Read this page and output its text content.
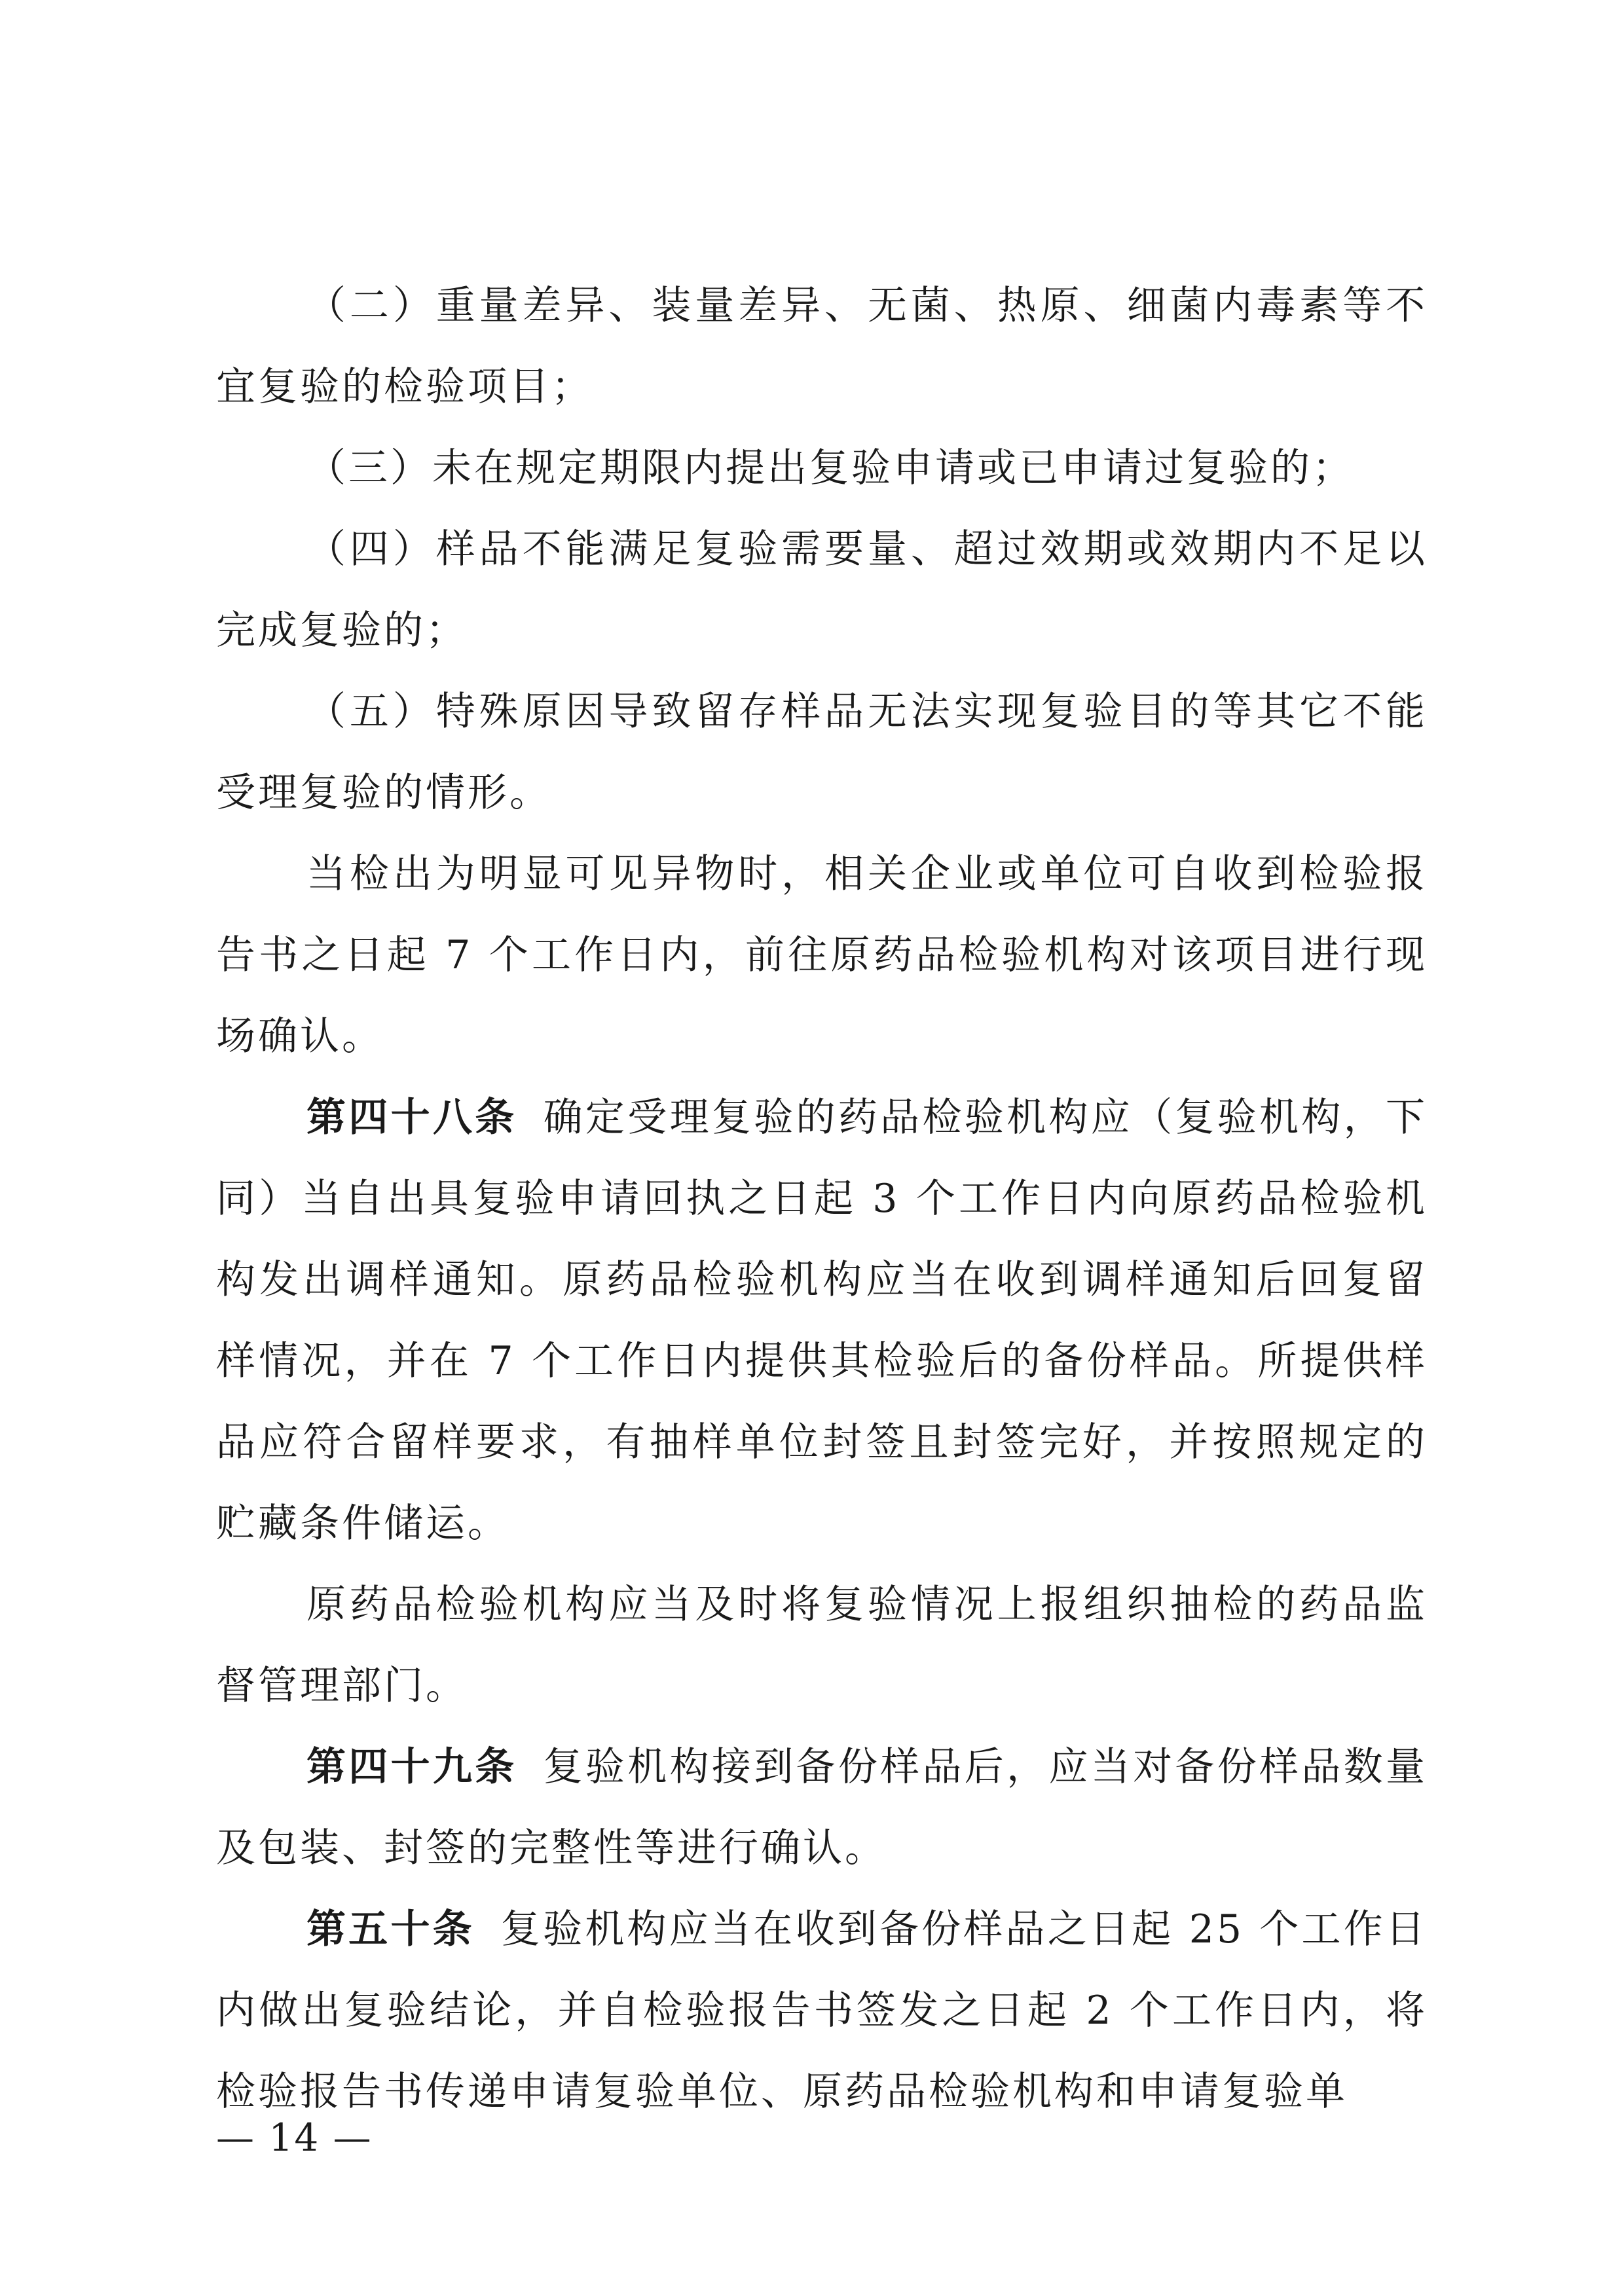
（二）重量差异、装量差异、无菌、热原、细菌内毒素等不宜复验的检验项目；

（三）未在规定期限内提出复验申请或已申请过复验的；

（四）样品不能满足复验需要量、超过效期或效期内不足以完成复验的；

（五）特殊原因导致留存样品无法实现复验目的等其它不能受理复验的情形。

当检出为明显可见异物时，相关企业或单位可自收到检验报告书之日起 7 个工作日内，前往原药品检验机构对该项目进行现场确认。

第四十八条 确定受理复验的药品检验机构应（复验机构，下同）当自出具复验申请回执之日起 3 个工作日内向原药品检验机构发出调样通知。原药品检验机构应当在收到调样通知后回复留样情况，并在 7 个工作日内提供其检验后的备份样品。所提供样品应符合留样要求，有抽样单位封签且封签完好，并按照规定的贮藏条件储运。

原药品检验机构应当及时将复验情况上报组织抽检的药品监督管理部门。

第四十九条 复验机构接到备份样品后，应当对备份样品数量及包装、封签的完整性等进行确认。

第五十条 复验机构应当在收到备份样品之日起 25 个工作日内做出复验结论，并自检验报告书签发之日起 2 个工作日内，将检验报告书传递申请复验单位、原药品检验机构和申请复验单

— 14 —
